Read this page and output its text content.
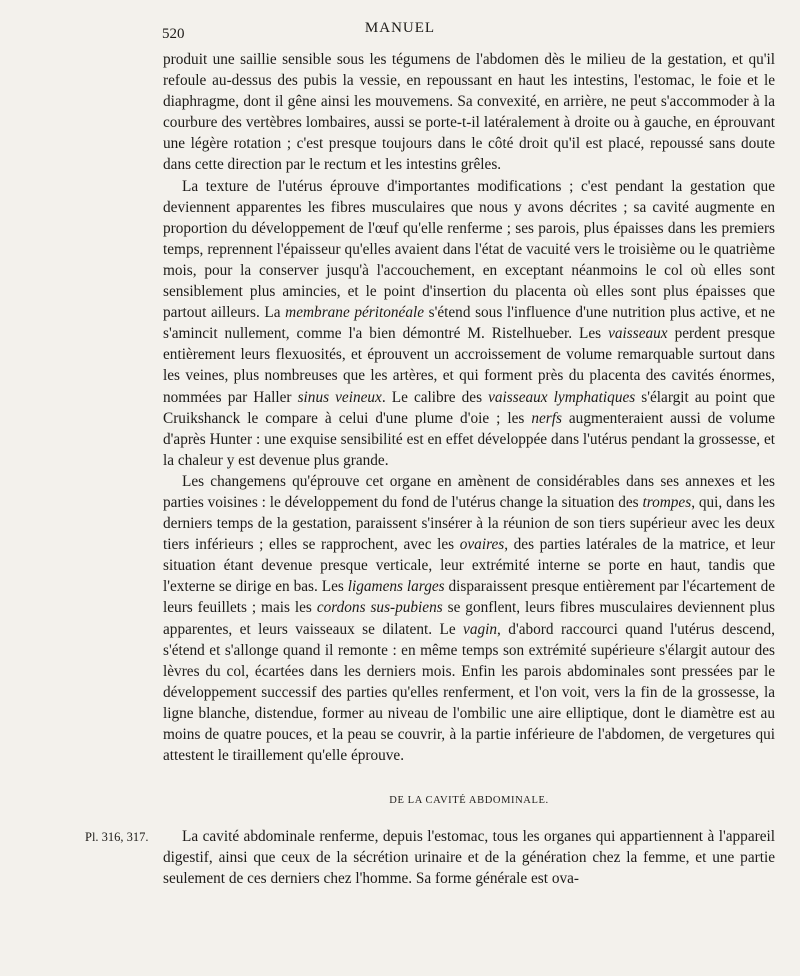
520	MANUEL

produit une saillie sensible sous les tégumens de l'abdomen dès le milieu de la gestation, et qu'il refoule au-dessus des pubis la vessie, en repoussant en haut les intestins, l'estomac, le foie et le diaphragme, dont il gêne ainsi les mouvemens. Sa convexité, en arrière, ne peut s'accommoder à la courbure des vertèbres lombaires, aussi se porte-t-il latéralement à droite ou à gauche, en éprouvant une légère rotation ; c'est presque toujours dans le côté droit qu'il est placé, repoussé sans doute dans cette direction par le rectum et les intestins grêles.

La texture de l'utérus éprouve d'importantes modifications ; c'est pendant la gestation que deviennent apparentes les fibres musculaires que nous y avons décrites ; sa cavité augmente en proportion du développement de l'œuf qu'elle renferme ; ses parois, plus épaisses dans les premiers temps, reprennent l'épaisseur qu'elles avaient dans l'état de vacuité vers le troisième ou le quatrième mois, pour la conserver jusqu'à l'accouchement, en exceptant néanmoins le col où elles sont sensiblement plus amincies, et le point d'insertion du placenta où elles sont plus épaisses que partout ailleurs. La membrane péritonéale s'étend sous l'influence d'une nutrition plus active, et ne s'amincit nullement, comme l'a bien démontré M. Ristelhueber. Les vaisseaux perdent presque entièrement leurs flexuosités, et éprouvent un accroissement de volume remarquable surtout dans les veines, plus nombreuses que les artères, et qui forment près du placenta des cavités énormes, nommées par Haller sinus veineux. Le calibre des vaisseaux lymphatiques s'élargit au point que Cruikshanck le compare à celui d'une plume d'oie ; les nerfs augmenteraient aussi de volume d'après Hunter : une exquise sensibilité est en effet développée dans l'utérus pendant la grossesse, et la chaleur y est devenue plus grande.

Les changemens qu'éprouve cet organe en amènent de considérables dans ses annexes et les parties voisines : le développement du fond de l'utérus change la situation des trompes, qui, dans les derniers temps de la gestation, paraissent s'insérer à la réunion de son tiers supérieur avec les deux tiers inférieurs ; elles se rapprochent, avec les ovaires, des parties latérales de la matrice, et leur situation étant devenue presque verticale, leur extrémité interne se porte en haut, tandis que l'externe se dirige en bas. Les ligamens larges disparaissent presque entièrement par l'écartement de leurs feuillets ; mais les cordons sus-pubiens se gonflent, leurs fibres musculaires deviennent plus apparentes, et leurs vaisseaux se dilatent. Le vagin, d'abord raccourci quand l'utérus descend, s'étend et s'allonge quand il remonte : en même temps son extrémité supérieure s'élargit autour des lèvres du col, écartées dans les derniers mois. Enfin les parois abdominales sont pressées par le développement successif des parties qu'elles renferment, et l'on voit, vers la fin de la grossesse, la ligne blanche, distendue, former au niveau de l'ombilic une aire elliptique, dont le diamètre est au moins de quatre pouces, et la peau se couvrir, à la partie inférieure de l'abdomen, de vergetures qui attestent le tiraillement qu'elle éprouve.

DE LA CAVITÉ ABDOMINALE.
Pl. 316, 317.	La cavité abdominale renferme, depuis l'estomac, tous les organes qui appartiennent à l'appareil digestif, ainsi que ceux de la sécrétion urinaire et de la génération chez la femme, et une partie seulement de ces derniers chez l'homme. Sa forme générale est ova-
